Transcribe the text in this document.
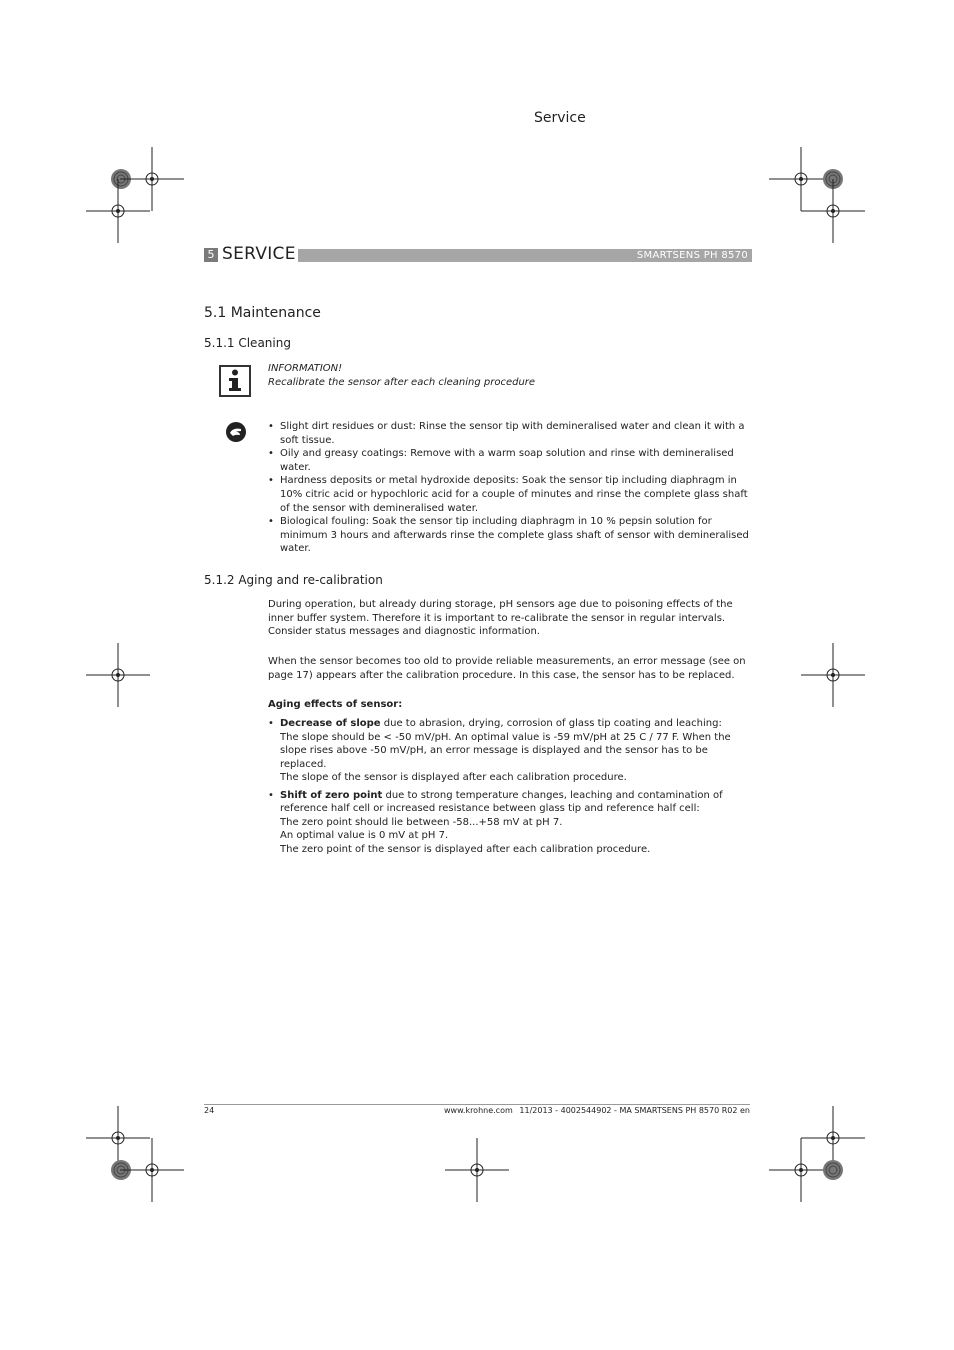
Service
5 SERVICE	SMARTSENS PH 8570
5.1 Maintenance
5.1.1 Cleaning
INFORMATION!
Recalibrate the sensor after each cleaning procedure
• Slight dirt residues or dust: Rinse the sensor tip with demineralised water and clean it with a soft tissue.
• Oily and greasy coatings: Remove with a warm soap solution and rinse with demineralised water.
• Hardness deposits or metal hydroxide deposits: Soak the sensor tip including diaphragm in 10% citric acid or hypochloric acid for a couple of minutes and rinse the complete glass shaft of the sensor with demineralised water.
• Biological fouling: Soak the sensor tip including diaphragm in 10 % pepsin solution for minimum 3 hours and afterwards rinse the complete glass shaft of sensor with demineralised water.
5.1.2 Aging and re-calibration
During operation, but already during storage, pH sensors age due to poisoning effects of the inner buffer system. Therefore it is important to re-calibrate the sensor in regular intervals. Consider status messages and diagnostic information.
When the sensor becomes too old to provide reliable measurements, an error message (see on page 17) appears after the calibration procedure. In this case, the sensor has to be replaced.
Aging effects of sensor:
• Decrease of slope due to abrasion, drying, corrosion of glass tip coating and leaching:
The slope should be < -50 mV/pH. An optimal value is -59 mV/pH at 25 C / 77 F. When the slope rises above -50 mV/pH, an error message is displayed and the sensor has to be replaced.
The slope of the sensor is displayed after each calibration procedure.
• Shift of zero point due to strong temperature changes, leaching and contamination of reference half cell or increased resistance between glass tip and reference half cell:
The zero point should lie between -58...+58 mV at pH 7.
An optimal value is 0 mV at pH 7.
The zero point of the sensor is displayed after each calibration procedure.
24	www.krohne.com 11/2013 - 4002544902 - MA SMARTSENS PH 8570 R02 en
